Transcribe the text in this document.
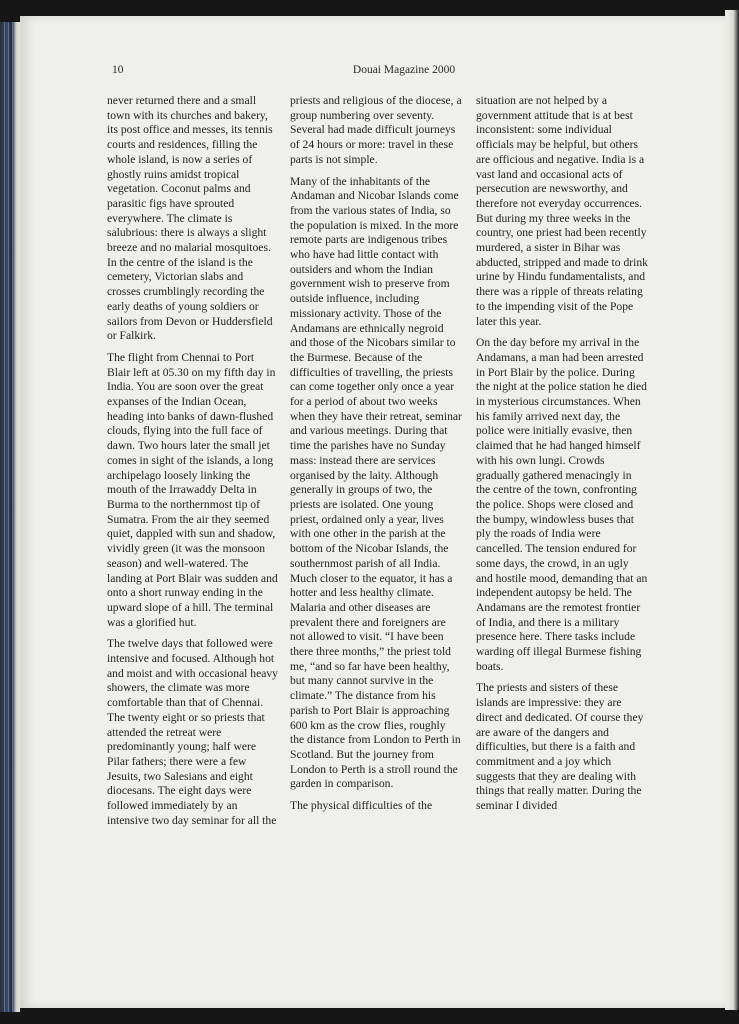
10	Douai Magazine 2000

never returned there and a small town with its churches and bakery, its post office and messes, its tennis courts and residences, filling the whole island, is now a series of ghostly ruins amidst tropical vegetation. Coconut palms and parasitic figs have sprouted everywhere. The climate is salubrious: there is always a slight breeze and no malarial mosquitoes. In the centre of the island is the cemetery, Victorian slabs and crosses crumblingly recording the early deaths of young soldiers or sailors from Devon or Huddersfield or Falkirk.

The flight from Chennai to Port Blair left at 05.30 on my fifth day in India. You are soon over the great expanses of the Indian Ocean, heading into banks of dawn-flushed clouds, flying into the full face of dawn. Two hours later the small jet comes in sight of the islands, a long archipelago loosely linking the mouth of the Irrawaddy Delta in Burma to the northernmost tip of Sumatra. From the air they seemed quiet, dappled with sun and shadow, vividly green (it was the monsoon season) and well-watered. The landing at Port Blair was sudden and onto a short runway ending in the upward slope of a hill. The terminal was a glorified hut.

The twelve days that followed were intensive and focused. Although hot and moist and with occasional heavy showers, the climate was more comfortable than that of Chennai. The twenty eight or so priests that attended the retreat were predominantly young; half were Pilar fathers; there were a few Jesuits, two Salesians and eight diocesans. The eight days were followed immediately by an intensive two day seminar for all the

priests and religious of the diocese, a group numbering over seventy. Several had made difficult journeys of 24 hours or more: travel in these parts is not simple.

Many of the inhabitants of the Andaman and Nicobar Islands come from the various states of India, so the population is mixed. In the more remote parts are indigenous tribes who have had little contact with outsiders and whom the Indian government wish to preserve from outside influence, including missionary activity. Those of the Andamans are ethnically negroid and those of the Nicobars similar to the Burmese. Because of the difficulties of travelling, the priests can come together only once a year for a period of about two weeks when they have their retreat, seminar and various meetings. During that time the parishes have no Sunday mass: instead there are services organised by the laity. Although generally in groups of two, the priests are isolated. One young priest, ordained only a year, lives with one other in the parish at the bottom of the Nicobar Islands, the southernmost parish of all India. Much closer to the equator, it has a hotter and less healthy climate. Malaria and other diseases are prevalent there and foreigners are not allowed to visit. “I have been there three months,” the priest told me, “and so far have been healthy, but many cannot survive in the climate.” The distance from his parish to Port Blair is approaching 600 km as the crow flies, roughly the distance from London to Perth in Scotland. But the journey from London to Perth is a stroll round the garden in comparison.

The physical difficulties of the

situation are not helped by a government attitude that is at best inconsistent: some individual officials may be helpful, but others are officious and negative. India is a vast land and occasional acts of persecution are newsworthy, and therefore not everyday occurrences. But during my three weeks in the country, one priest had been recently murdered, a sister in Bihar was abducted, stripped and made to drink urine by Hindu fundamentalists, and there was a ripple of threats relating to the impending visit of the Pope later this year.

On the day before my arrival in the Andamans, a man had been arrested in Port Blair by the police. During the night at the police station he died in mysterious circumstances. When his family arrived next day, the police were initially evasive, then claimed that he had hanged himself with his own lungi. Crowds gradually gathered menacingly in the centre of the town, confronting the police. Shops were closed and the bumpy, windowless buses that ply the roads of India were cancelled. The tension endured for some days, the crowd, in an ugly and hostile mood, demanding that an independent autopsy be held. The Andamans are the remotest frontier of India, and there is a military presence here. There tasks include warding off illegal Burmese fishing boats.

The priests and sisters of these islands are impressive: they are direct and dedicated. Of course they are aware of the dangers and difficulties, but there is a faith and commitment and a joy which suggests that they are dealing with things that really matter. During the seminar I divided
